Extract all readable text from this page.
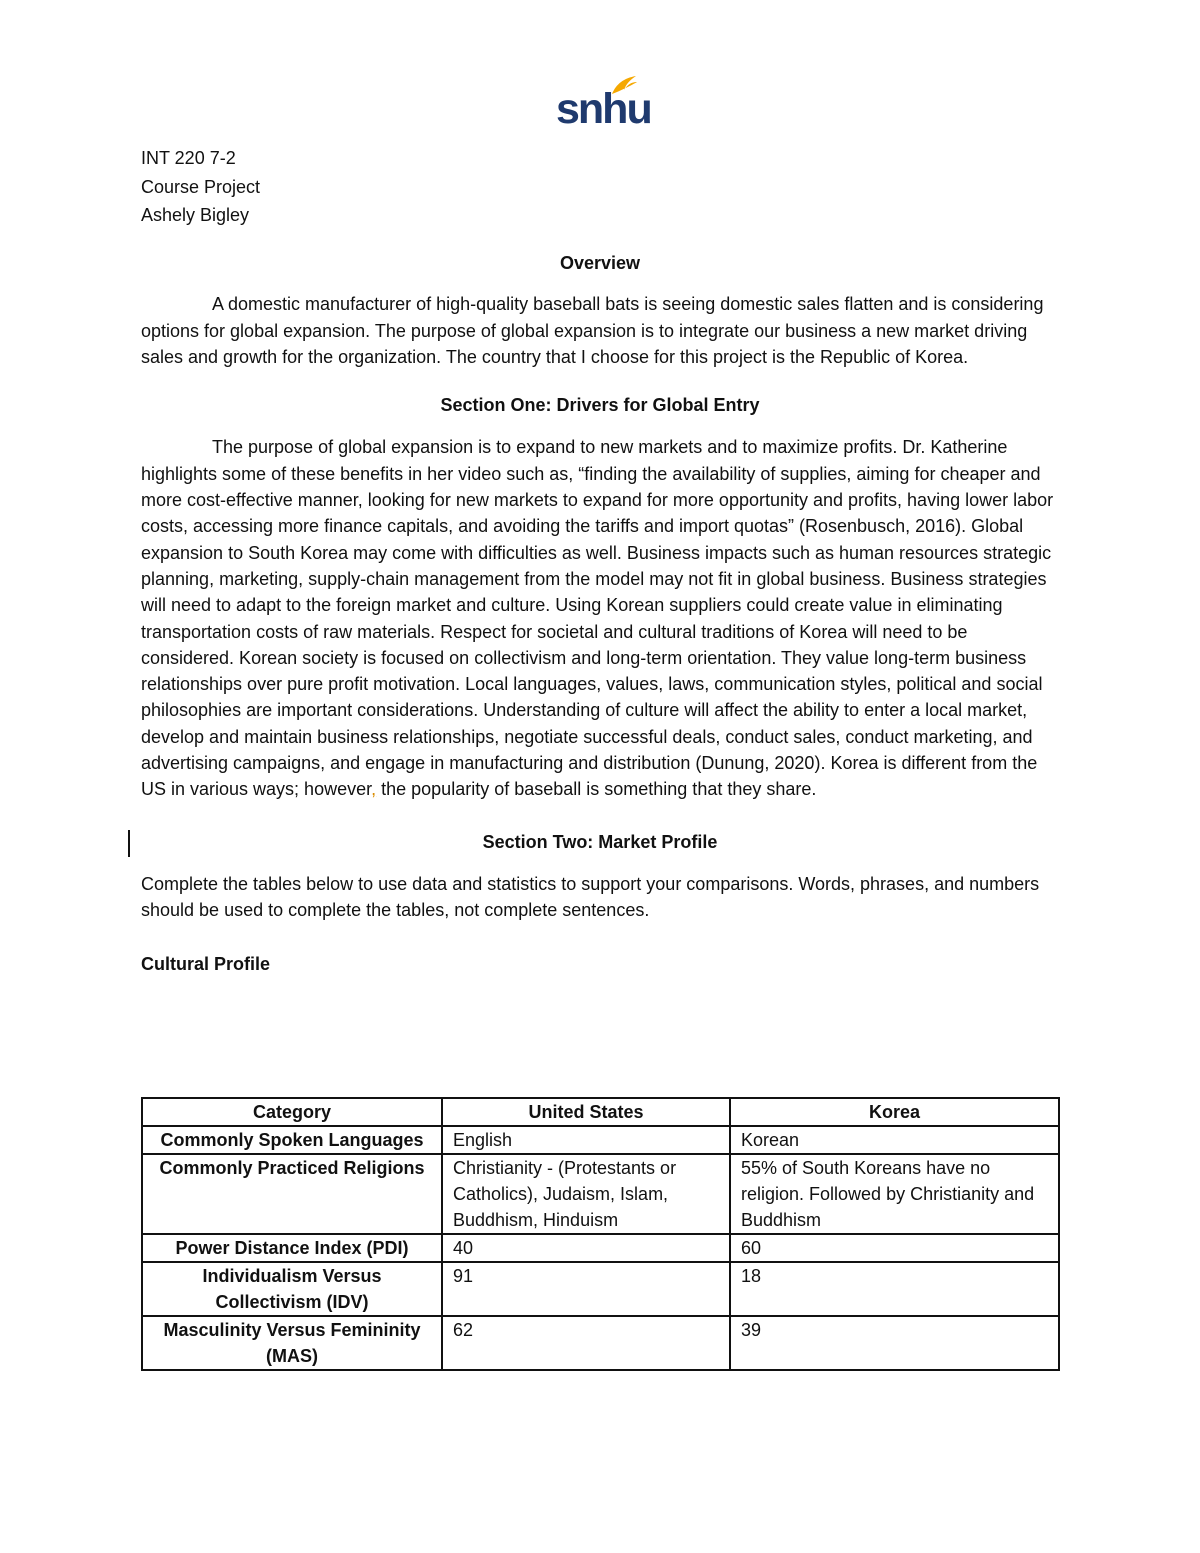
snhu
INT 220 7-2
Course Project
Ashely Bigley

Overview

A domestic manufacturer of high-quality baseball bats is seeing domestic sales flatten and is considering options for global expansion. The purpose of global expansion is to integrate our business a new market driving sales and growth for the organization. The country that I choose for this project is the Republic of Korea.

Section One: Drivers for Global Entry

The purpose of global expansion is to expand to new markets and to maximize profits. Dr. Katherine highlights some of these benefits in her video such as, “finding the availability of supplies, aiming for cheaper and more cost-effective manner, looking for new markets to expand for more opportunity and profits, having lower labor costs, accessing more finance capitals, and avoiding the tariffs and import quotas” (Rosenbusch, 2016). Global expansion to South Korea may come with difficulties as well. Business impacts such as human resources strategic planning, marketing, supply-chain management from the model may not fit in global business. Business strategies will need to adapt to the foreign market and culture. Using Korean suppliers could create value in eliminating transportation costs of raw materials. Respect for societal and cultural traditions of Korea will need to be considered. Korean society is focused on collectivism and long-term orientation. They value long-term business relationships over pure profit motivation. Local languages, values, laws, communication styles, political and social philosophies are important considerations. Understanding of culture will affect the ability to enter a local market, develop and maintain business relationships, negotiate successful deals, conduct sales, conduct marketing, and advertising campaigns, and engage in manufacturing and distribution (Dunung, 2020). Korea is different from the US in various ways; however, the popularity of baseball is something that they share.

Section Two: Market Profile

Complete the tables below to use data and statistics to support your comparisons. Words, phrases, and numbers should be used to complete the tables, not complete sentences.

Cultural Profile

Category	United States	Korea
Commonly Spoken Languages	English	Korean
Commonly Practiced Religions	Christianity - (Protestants or Catholics), Judaism, Islam, Buddhism, Hinduism	55% of South Koreans have no religion. Followed by Christianity and Buddhism
Power Distance Index (PDI)	40	60
Individualism Versus Collectivism (IDV)	91	18
Masculinity Versus Femininity (MAS)	62	39
